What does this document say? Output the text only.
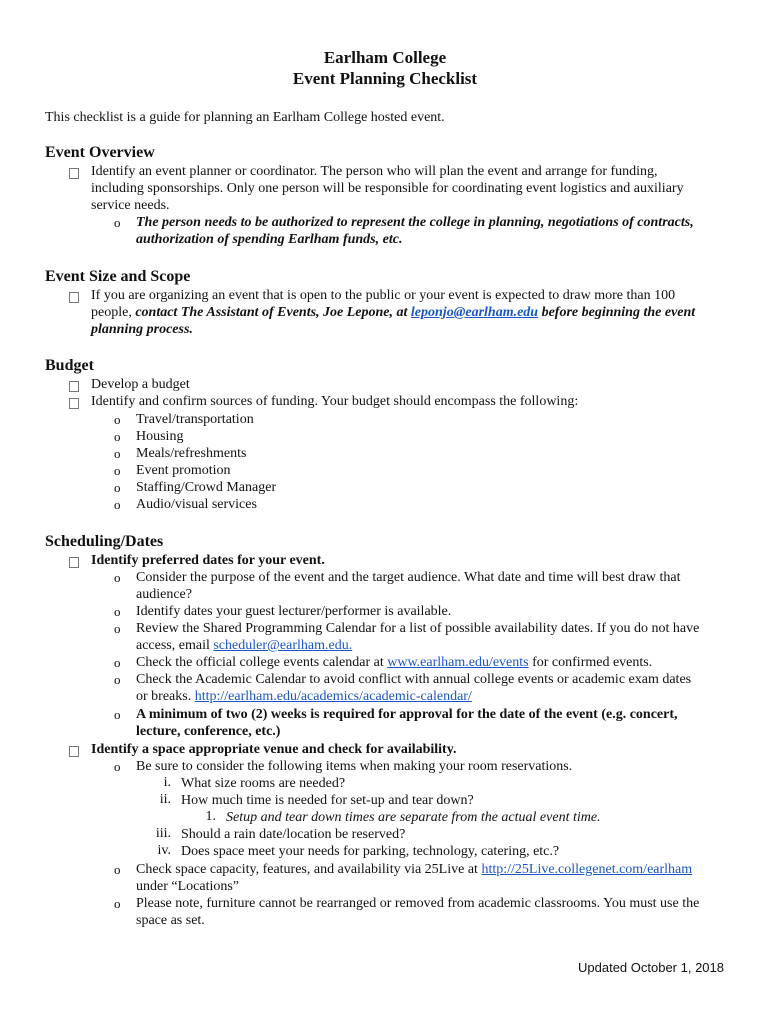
Earlham College
Event Planning Checklist
This checklist is a guide for planning an Earlham College hosted event.
Event Overview
Identify an event planner or coordinator. The person who will plan the event and arrange for funding,
including sponsorships. Only one person will be responsible for coordinating event logistics and auxiliary
service needs.
o The person needs to be authorized to represent the college in planning, negotiations of contracts,
authorization of spending Earlham funds, etc.
Event Size and Scope
If you are organizing an event that is open to the public or your event is expected to draw more than 100
people, contact The Assistant of Events, Joe Lepone, at leponjo@earlham.edu before beginning the event
planning process.
Budget
Develop a budget
Identify and confirm sources of funding. Your budget should encompass the following:
o Travel/transportation
o Housing
o Meals/refreshments
o Event promotion
o Staffing/Crowd Manager
o Audio/visual services
Scheduling/Dates
Identify preferred dates for your event.
o Consider the purpose of the event and the target audience. What date and time will best draw that
audience?
o Identify dates your guest lecturer/performer is available.
o Review the Shared Programming Calendar for a list of possible availability dates. If you do not have
access, email scheduler@earlham.edu.
o Check the official college events calendar at www.earlham.edu/events for confirmed events.
o Check the Academic Calendar to avoid conflict with annual college events or academic exam dates
or breaks. http://earlham.edu/academics/academic-calendar/
o A minimum of two (2) weeks is required for approval for the date of the event (e.g. concert,
lecture, conference, etc.)
Identify a space appropriate venue and check for availability.
o Be sure to consider the following items when making your room reservations.
i. What size rooms are needed?
ii. How much time is needed for set-up and tear down?
1. Setup and tear down times are separate from the actual event time.
iii. Should a rain date/location be reserved?
iv. Does space meet your needs for parking, technology, catering, etc.?
o Check space capacity, features, and availability via 25Live at http://25Live.collegenet.com/earlham
under “Locations”
o Please note, furniture cannot be rearranged or removed from academic classrooms. You must use the
space as set.
Updated October 1, 2018
